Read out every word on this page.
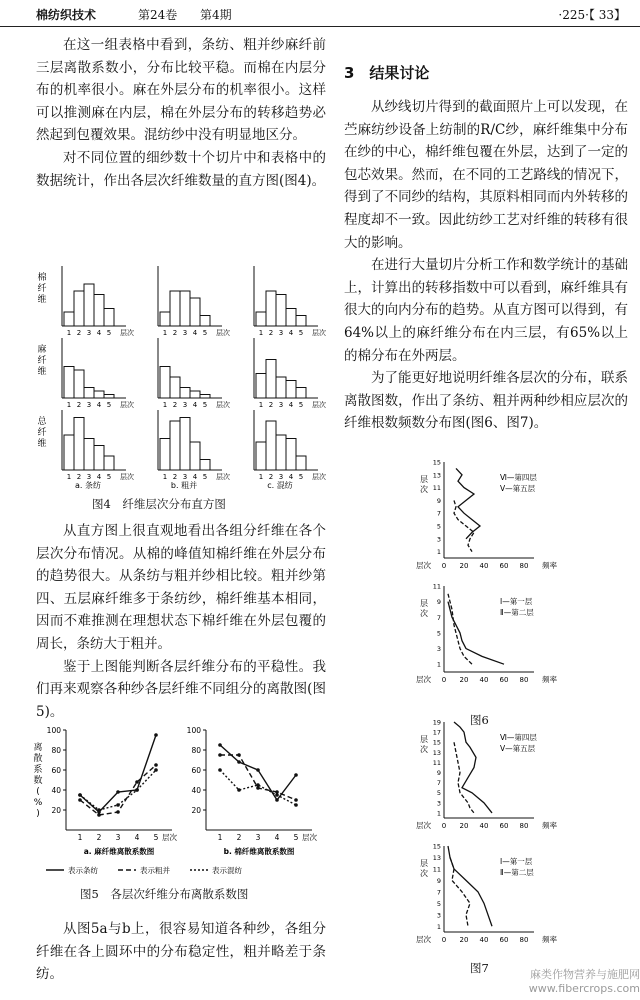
棉纺织技术	第24卷 第4期	·225·【 33】

在这一组表格中看到，条纺、粗并纱麻纤前三层离散系数小，分布比较平稳。而棉在内层分布的机率很小。麻在外层分布的机率很小。这样可以推测麻在内层，棉在外层分布的转移趋势必然起到包覆效果。混纺纱中没有明显地区分。

对不同位置的细纱数十个切片中和表格中的数据统计，作出各层次纤维数量的直方图(图4)。

1 2 3 4 5 层次	1 2 3 4 5 层次	1 2 3 4 5 层次
1 2 3 4 5 层次	1 2 3 4 5 层次	1 2 3 4 5 层次
1 2 3 4 5 层次	1 2 3 4 5 层次	1 2 3 4 5 层次
棉
纤
维
麻
纤
维
总
纤
维
a. 条纺	b. 粗并	c. 混纺
图4　纤维层次分布直方图

从直方图上很直观地看出各组分纤维在各个层次分布情况。从棉的峰值知棉纤维在外层分布的趋势很大。从条纺与粗并纱相比较。粗并纱第四、五层麻纤维多于条纺纱，棉纤维基本相同，因而不难推测在理想状态下棉纤维在外层包覆的周长，条纺大于粗并。

鉴于上图能判断各层纤维分布的平稳性。我们再来观察各种纱各层纤维不同组分的离散图(图5)。

离
散
系
数
(
%
) 20
40
60
80
100
1 2 3 4 5 层次
a. 麻纤维离散系数图
20
40
60
80
100
1 2 3 4 5 层次
b. 棉纤维离散系数图
表示条纺	表示粗并	表示混纺
图5　各层次纤维分布离散系数图

从图5a与b上，很容易知道各种纱，各组分纤维在各上圆环中的分布稳定性，粗并略差于条纺。

3　结果讨论

从纱线切片得到的截面照片上可以发现，在苎麻纺纱设备上纺制的R/C纱，麻纤维集中分布在纱的中心，棉纤维包覆在外层，达到了一定的包芯效果。然而，在不同的工艺路线的情况下，得到了不同纱的结构，其原料相同而内外转移的程度却不一致。因此纺纱工艺对纤维的转移有很大的影响。

在进行大量切片分析工作和数学统计的基础上，计算出的转移指数中可以看到，麻纤维具有很大的向内分布的趋势。从直方图可以得到，有64%以上的麻纤维分布在内三层，有65%以上的棉分布在外两层。

为了能更好地说明纤维各层次的分布，联系离散图数，作出了条纺、粗并两种纱相应层次的纤维根数频数分布图(图6、图7)。

1
3
5
7
9
11
13
15
0 20 40 60 80 频率
层次
层
次
Ⅵ—第四层
Ⅴ—第五层
1
3
5
7
9
11
0 20 40 60 80 频率
层次
层
次
Ⅰ—第一层
Ⅱ—第二层
图6
1
3
5
7
9
11
13
15
17
19
0 20 40 60 80 频率
层次
层
次
Ⅵ—第四层
Ⅴ—第五层
1
3
5
7
9
11
13
15
0 20 40 60 80 频率
层次
层
次
Ⅰ—第一层
Ⅱ—第二层
图7	麻类作物营养与施肥网
www.fibercrops.com
